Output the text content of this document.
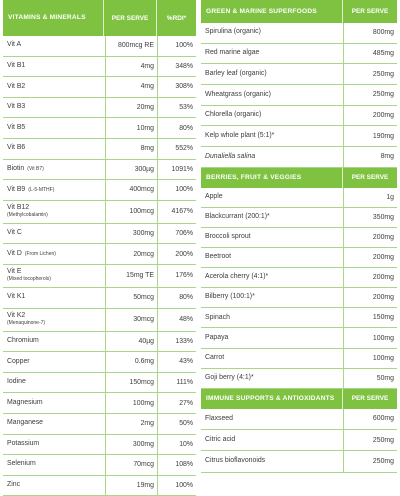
VITAMINS & MINERALS	PER SERVE	%RDI*
Vit A	800mcg RE	100%
Vit B1	4mg	348%
Vit B2	4mg	308%
Vit B3	20mg	53%
Vit B5	10mg	80%
Vit B6	8mg	552%
Biotin (Vit B7)	300µg	1091%
Vit B9 (L-5-MTHF)	400mcg	100%
Vit B12
(Methylcobalamin)	100mcg	4167%
Vit C	300mg	706%
Vit D (From Lichen)	20mcg	200%
Vit E
(Mixed tocopherols)	15mg TE	176%
Vit K1	50mcg	80%
Vit K2
(Menaquinone-7)	30mcg	48%
Chromium	40µg	133%
Copper	0.6mg	43%
Iodine	150mcg	111%
Magnesium	100mg	27%
Manganese	2mg	50%
Potassium	300mg	10%
Selenium	70mcg	108%
Zinc	19mg	100%
GREEN & MARINE SUPERFOODS	PER SERVE
Spirulina (organic)	800mg
Red marine algae	485mg
Barley leaf (organic)	250mg
Wheatgrass (organic)	250mg
Chlorella (organic)	200mg
Kelp whole plant (5:1)*	190mg
Dunaliella salina	8mg
BERRIES, FRUIT & VEGGIES	PER SERVE
Apple	1g
Blackcurrant (200:1)*	350mg
Broccoli sprout	200mg
Beetroot	200mg
Acerola cherry (4:1)*	200mg
Bilberry (100:1)*	200mg
Spinach	150mg
Papaya	100mg
Carrot	100mg
Goji berry (4:1)*	50mg
IMMUNE SUPPORTS & ANTIOXIDANTS	PER SERVE
Flaxseed	600mg
Citric acid	250mg
Citrus bioflavonoids	250mg
